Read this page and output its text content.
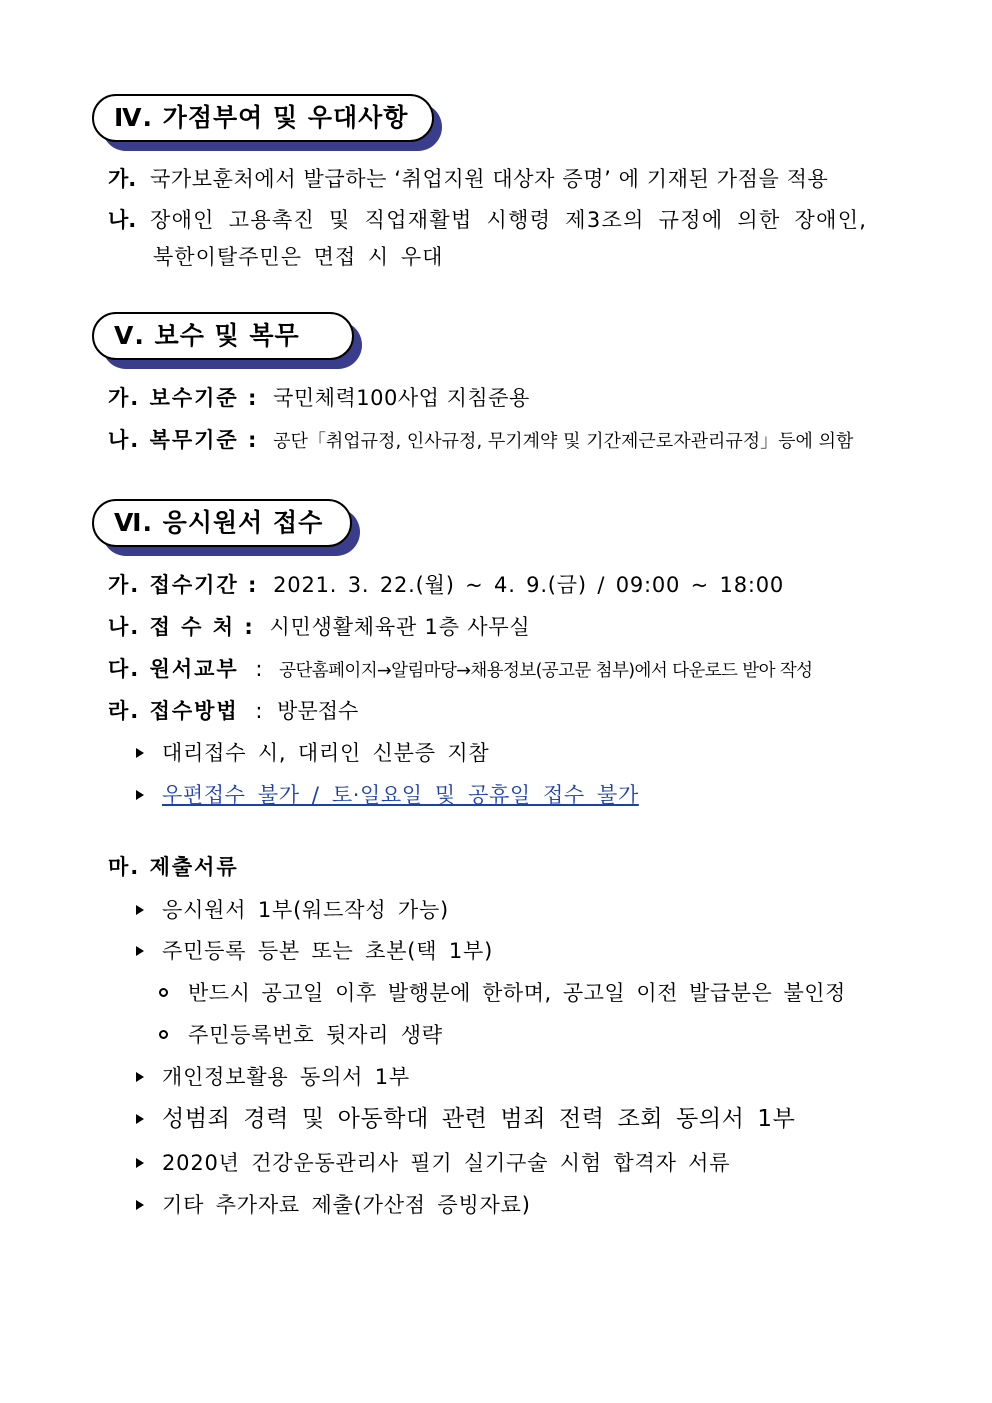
Ⅳ. 가점부여 및 우대사항
가. 국가보훈처에서 발급하는 ‘취업지원 대상자 증명’ 에 기재된 가점을 적용
나. 장애인 고용촉진 및 직업재활법 시행령 제3조의 규정에 의한 장애인,
북한이탈주민은 면접 시 우대
Ⅴ. 보수 및 복무
가. 보수기준 : 국민체력100사업 지침준용
나. 복무기준 : 공단「취업규정, 인사규정, 무기계약 및 기간제근로자관리규정」등에 의함
Ⅵ. 응시원서 접수
가. 접수기간 : 2021. 3. 22.(월) ~ 4. 9.(금) / 09:00 ~ 18:00
나. 접 수 처 : 시민생활체육관 1층 사무실
다. 원서교부 : 공단홈페이지→알림마당→채용정보(공고문 첨부)에서 다운로드 받아 작성
라. 접수방법 : 방문접수
대리접수 시, 대리인 신분증 지참
우편접수 불가 / 토·일요일 및 공휴일 접수 불가
마. 제출서류
응시원서 1부(워드작성 가능)
주민등록 등본 또는 초본(택 1부)
반드시 공고일 이후 발행분에 한하며, 공고일 이전 발급분은 불인정
주민등록번호 뒷자리 생략
개인정보활용 동의서 1부
성범죄 경력 및 아동학대 관련 범죄 전력 조회 동의서 1부
2020년 건강운동관리사 필기 실기구술 시험 합격자 서류
기타 추가자료 제출(가산점 증빙자료)
